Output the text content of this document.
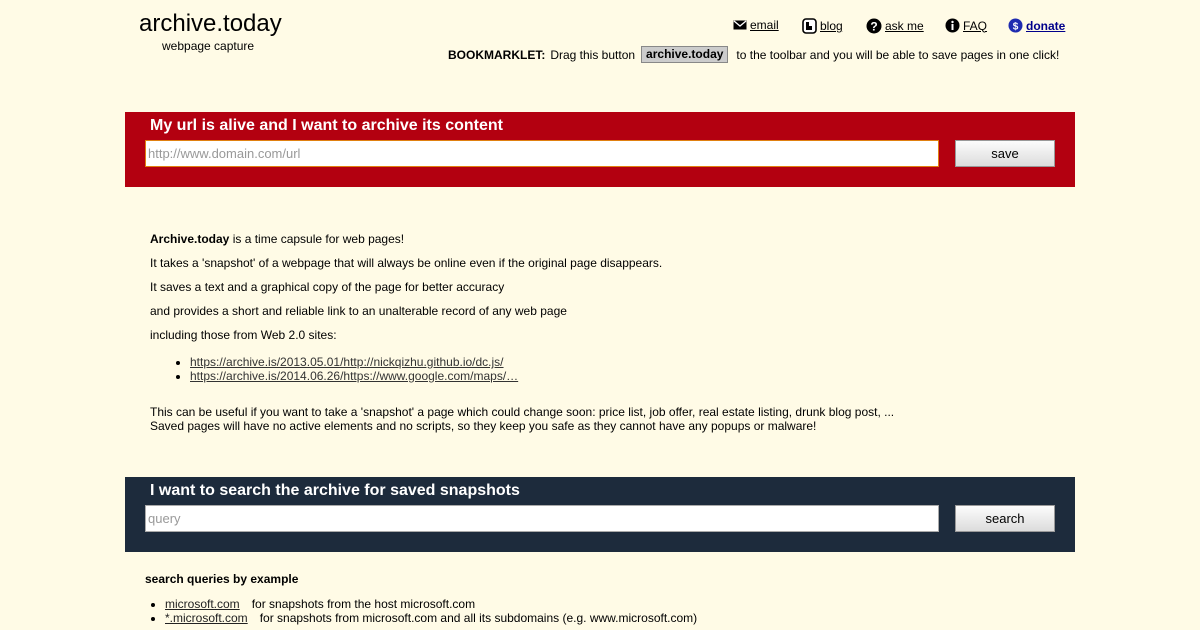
archive.today
webpage capture
email	blog ? ask me	FAQ	$ donate
BOOKMARKLET: Drag this button archive.today	to the toolbar and you will be able to save pages in one click!
My url is alive and I want to archive its content
http://www.domain.com/url	save

Archive.today is a time capsule for web pages!

It takes a 'snapshot' of a webpage that will always be online even if the original page disappears.

It saves a text and a graphical copy of the page for better accuracy

and provides a short and reliable link to an unalterable record of any web page

including those from Web 2.0 sites:

• https://archive.is/2013.05.01/http://nickqizhu.github.io/dc.js/
• https://archive.is/2014.06.26/https://www.google.com/maps/…
This can be useful if you want to take a 'snapshot' a page which could change soon: price list, job offer, real estate listing, drunk blog post, ...
Saved pages will have no active elements and no scripts, so they keep you safe as they cannot have any popups or malware!
I want to search the archive for saved snapshots
query	search
search queries by example
• microsoft.com for snapshots from the host microsoft.com
• *.microsoft.com for snapshots from microsoft.com and all its subdomains (e.g. www.microsoft.com)
